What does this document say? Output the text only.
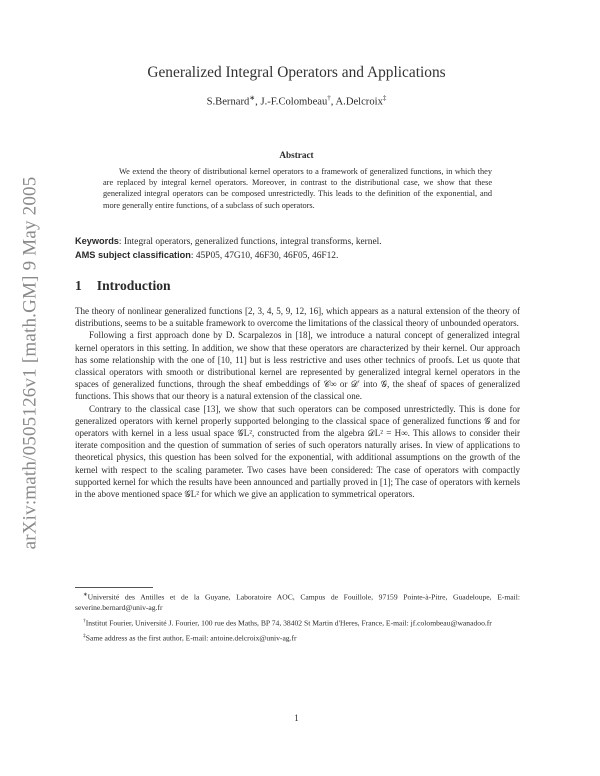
arXiv:math/0505126v1 [math.GM] 9 May 2005
Generalized Integral Operators and Applications
S.Bernard∗, J.-F.Colombeau†, A.Delcroix‡
Abstract

We extend the theory of distributional kernel operators to a framework of generalized functions, in which they are replaced by integral kernel operators. Moreover, in contrast to the distributional case, we show that these generalized integral operators can be composed unrestrictedly. This leads to the definition of the exponential, and more generally entire functions, of a subclass of such operators.

Keywords: Integral operators, generalized functions, integral transforms, kernel.
AMS subject classification: 45P05, 47G10, 46F30, 46F05, 46F12.
1 Introduction

The theory of nonlinear generalized functions [2, 3, 4, 5, 9, 12, 16], which appears as a natural extension of the theory of distributions, seems to be a suitable framework to overcome the limitations of the classical theory of unbounded operators.

Following a first approach done by D. Scarpalezos in [18], we introduce a natural concept of generalized integral kernel operators in this setting. In addition, we show that these operators are characterized by their kernel. Our approach has some relationship with the one of [10, 11] but is less restrictive and uses other technics of proofs. Let us quote that classical operators with smooth or distributional kernel are represented by generalized integral kernel operators in the spaces of generalized functions, through the sheaf embeddings of 𝒞∞ or 𝒟′ into 𝒢, the sheaf of spaces of generalized functions. This shows that our theory is a natural extension of the classical one.

Contrary to the classical case [13], we show that such operators can be composed unrestrictedly. This is done for generalized operators with kernel properly supported belonging to the classical space of generalized functions 𝒢 and for operators with kernel in a less usual space 𝒢L², constructed from the algebra 𝒟L² = H∞. This allows to consider their iterate composition and the question of summation of series of such operators naturally arises. In view of applications to theoretical physics, this question has been solved for the exponential, with additional assumptions on the growth of the kernel with respect to the scaling parameter. Two cases have been considered: The case of operators with compactly supported kernel for which the results have been announced and partially proved in [1]; The case of operators with kernels in the above mentioned space 𝒢L² for which we give an application to symmetrical operators.

∗Université des Antilles et de la Guyane, Laboratoire AOC, Campus de Fouillole, 97159 Pointe-à-Pitre, Guadeloupe, E-mail: severine.bernard@univ-ag.fr

†Institut Fourier, Université J. Fourier, 100 rue des Maths, BP 74, 38402 St Martin d'Heres, France, E-mail: jf.colombeau@wanadoo.fr

‡Same address as the first author, E-mail: antoine.delcroix@univ-ag.fr

1
